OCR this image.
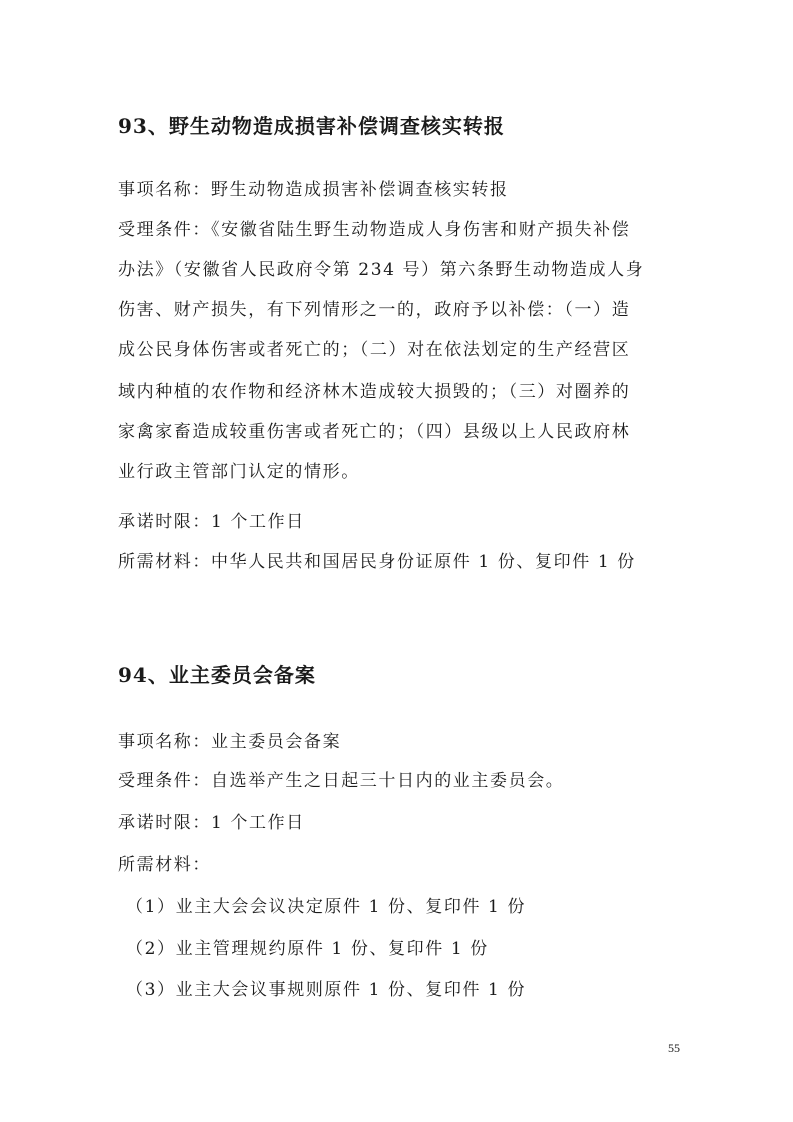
93、野生动物造成损害补偿调查核实转报
事项名称：野生动物造成损害补偿调查核实转报
受理条件：《安徽省陆生野生动物造成人身伤害和财产损失补偿
办法》（安徽省人民政府令第 234 号）第六条野生动物造成人身
伤害、财产损失，有下列情形之一的，政府予以补偿：（一）造
成公民身体伤害或者死亡的；（二）对在依法划定的生产经营区
域内种植的农作物和经济林木造成较大损毁的；（三）对圈养的
家禽家畜造成较重伤害或者死亡的；（四）县级以上人民政府林
业行政主管部门认定的情形。
承诺时限：1 个工作日
所需材料：中华人民共和国居民身份证原件 1 份、复印件 1 份
94、业主委员会备案
事项名称：业主委员会备案
受理条件：自选举产生之日起三十日内的业主委员会。
承诺时限：1 个工作日
所需材料：
（1）业主大会会议决定原件 1 份、复印件 1 份
（2）业主管理规约原件 1 份、复印件 1 份
（3）业主大会议事规则原件 1 份、复印件 1 份
55
